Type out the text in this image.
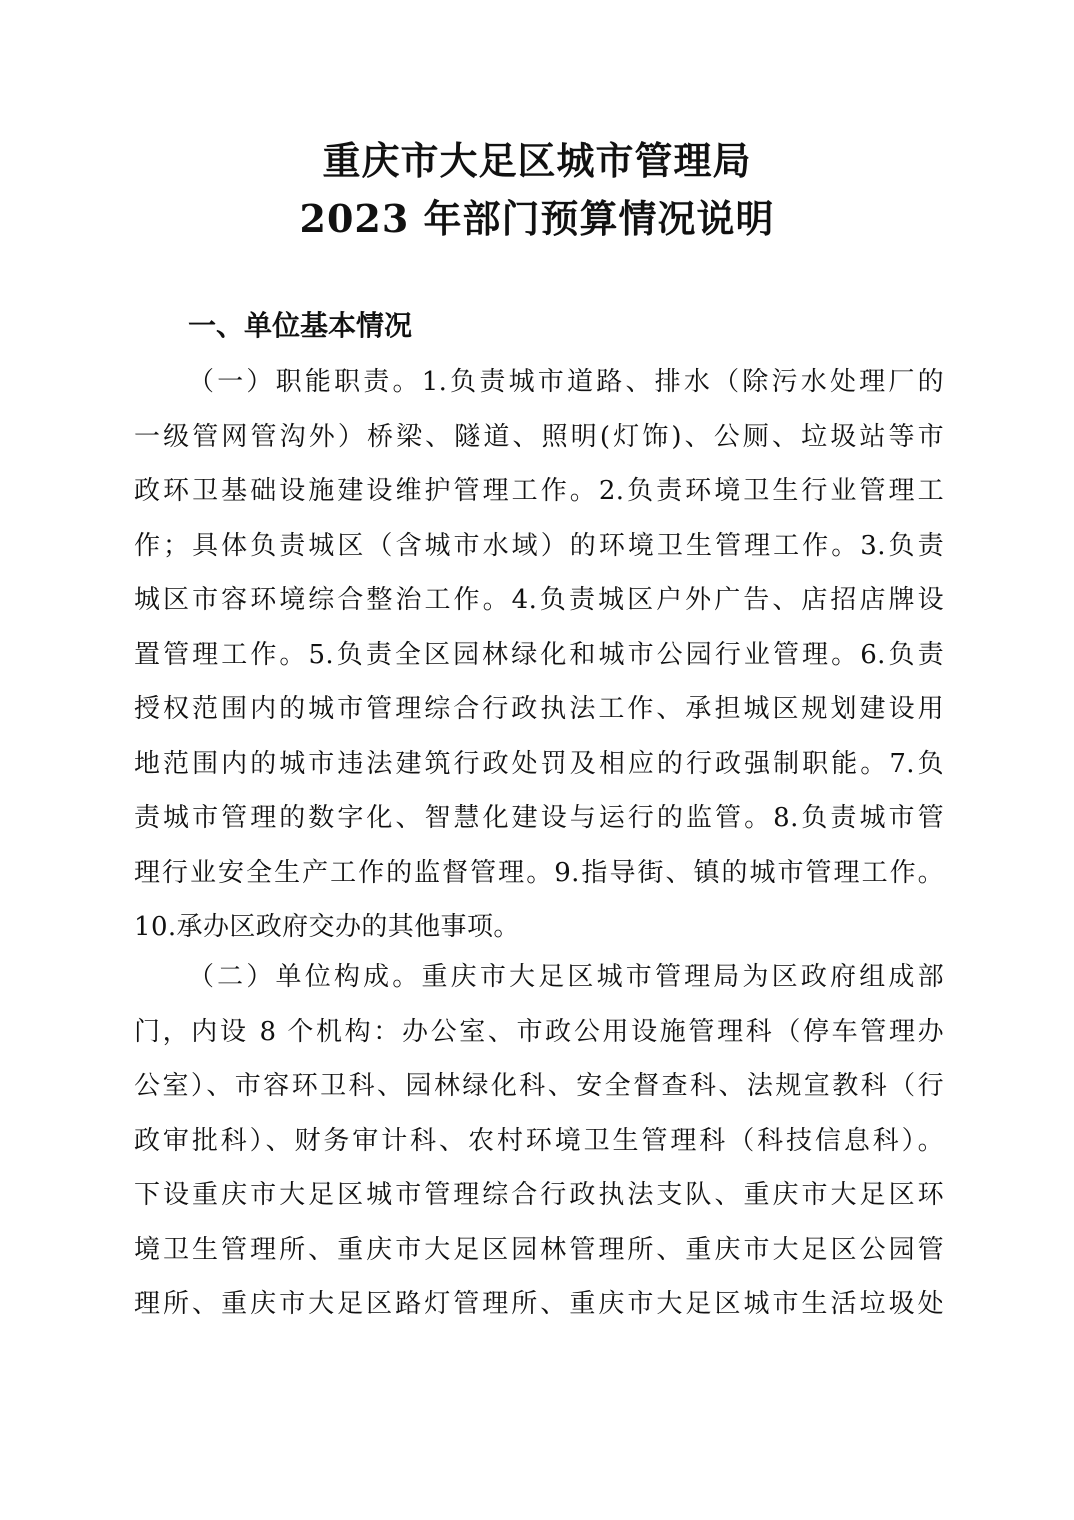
重庆市大足区城市管理局
2023 年部门预算情况说明
一、单位基本情况
（一）职能职责。1.负责城市道路、排水（除污水处理厂的
一级管网管沟外）桥梁、隧道、照明(灯饰)、公厕、垃圾站等市
政环卫基础设施建设维护管理工作。2.负责环境卫生行业管理工
作；具体负责城区（含城市水域）的环境卫生管理工作。3.负责
城区市容环境综合整治工作。4.负责城区户外广告、店招店牌设
置管理工作。5.负责全区园林绿化和城市公园行业管理。6.负责
授权范围内的城市管理综合行政执法工作、承担城区规划建设用
地范围内的城市违法建筑行政处罚及相应的行政强制职能。7.负
责城市管理的数字化、智慧化建设与运行的监管。8.负责城市管
理行业安全生产工作的监督管理。9.指导街、镇的城市管理工作。
10.承办区政府交办的其他事项。
（二）单位构成。重庆市大足区城市管理局为区政府组成部
门，内设 8 个机构：办公室、市政公用设施管理科（停车管理办
公室）、市容环卫科、园林绿化科、安全督查科、法规宣教科（行
政审批科）、财务审计科、农村环境卫生管理科（科技信息科）。
下设重庆市大足区城市管理综合行政执法支队、重庆市大足区环
境卫生管理所、重庆市大足区园林管理所、重庆市大足区公园管
理所、重庆市大足区路灯管理所、重庆市大足区城市生活垃圾处
